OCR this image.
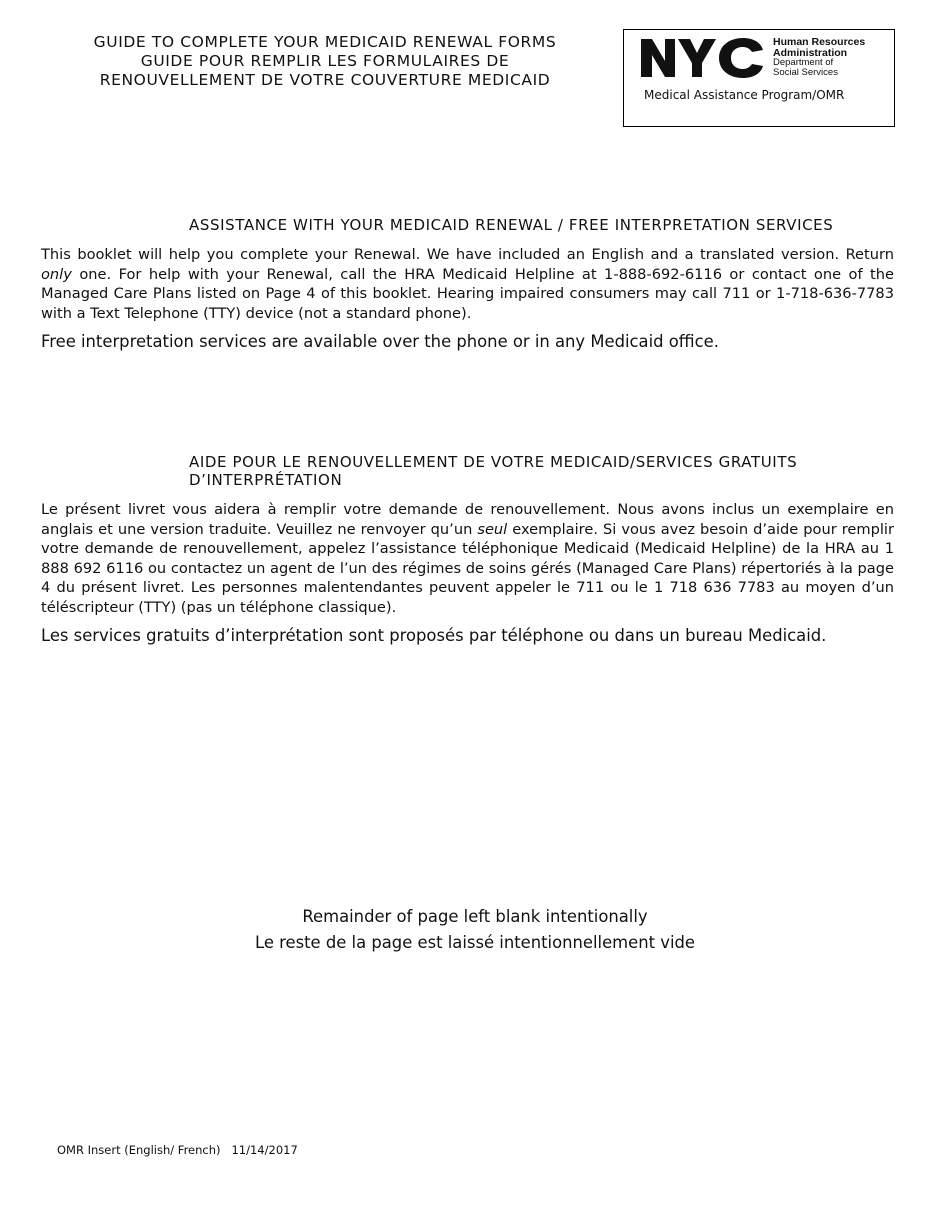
GUIDE TO COMPLETE YOUR MEDICAID RENEWAL FORMS
GUIDE POUR REMPLIR LES FORMULAIRES DE
RENOUVELLEMENT DE VOTRE COUVERTURE MEDICAID
Human Resources
Administration
Department of
Social Services
Medical Assistance Program/OMR
ASSISTANCE WITH YOUR MEDICAID RENEWAL / FREE INTERPRETATION SERVICES

This booklet will help you complete your Renewal. We have included an English and a translated version. Return only one. For help with your Renewal, call the HRA Medicaid Helpline at 1-888-692-6116 or contact one of the Managed Care Plans listed on Page 4 of this booklet. Hearing impaired consumers may call 711 or 1-718-636-7783 with a Text Telephone (TTY) device (not a standard phone).

Free interpretation services are available over the phone or in any Medicaid office.
AIDE POUR LE RENOUVELLEMENT DE VOTRE MEDICAID/SERVICES GRATUITS
D’INTERPRÉTATION

Le présent livret vous aidera à remplir votre demande de renouvellement. Nous avons inclus un exemplaire en anglais et une version traduite. Veuillez ne renvoyer qu’un seul exemplaire. Si vous avez besoin d’aide pour remplir votre demande de renouvellement, appelez l’assistance téléphonique Medicaid (Medicaid Helpline) de la HRA au 1 888 692 6116 ou contactez un agent de l’un des régimes de soins gérés (Managed Care Plans) répertoriés à la page 4 du présent livret. Les personnes malentendantes peuvent appeler le 711 ou le 1 718 636 7783 au moyen d’un téléscripteur (TTY) (pas un téléphone classique).

Les services gratuits d’interprétation sont proposés par téléphone ou dans un bureau Medicaid.
Remainder of page left blank intentionally
Le reste de la page est laissé intentionnellement vide
OMR Insert (English/ French) 11/14/2017
